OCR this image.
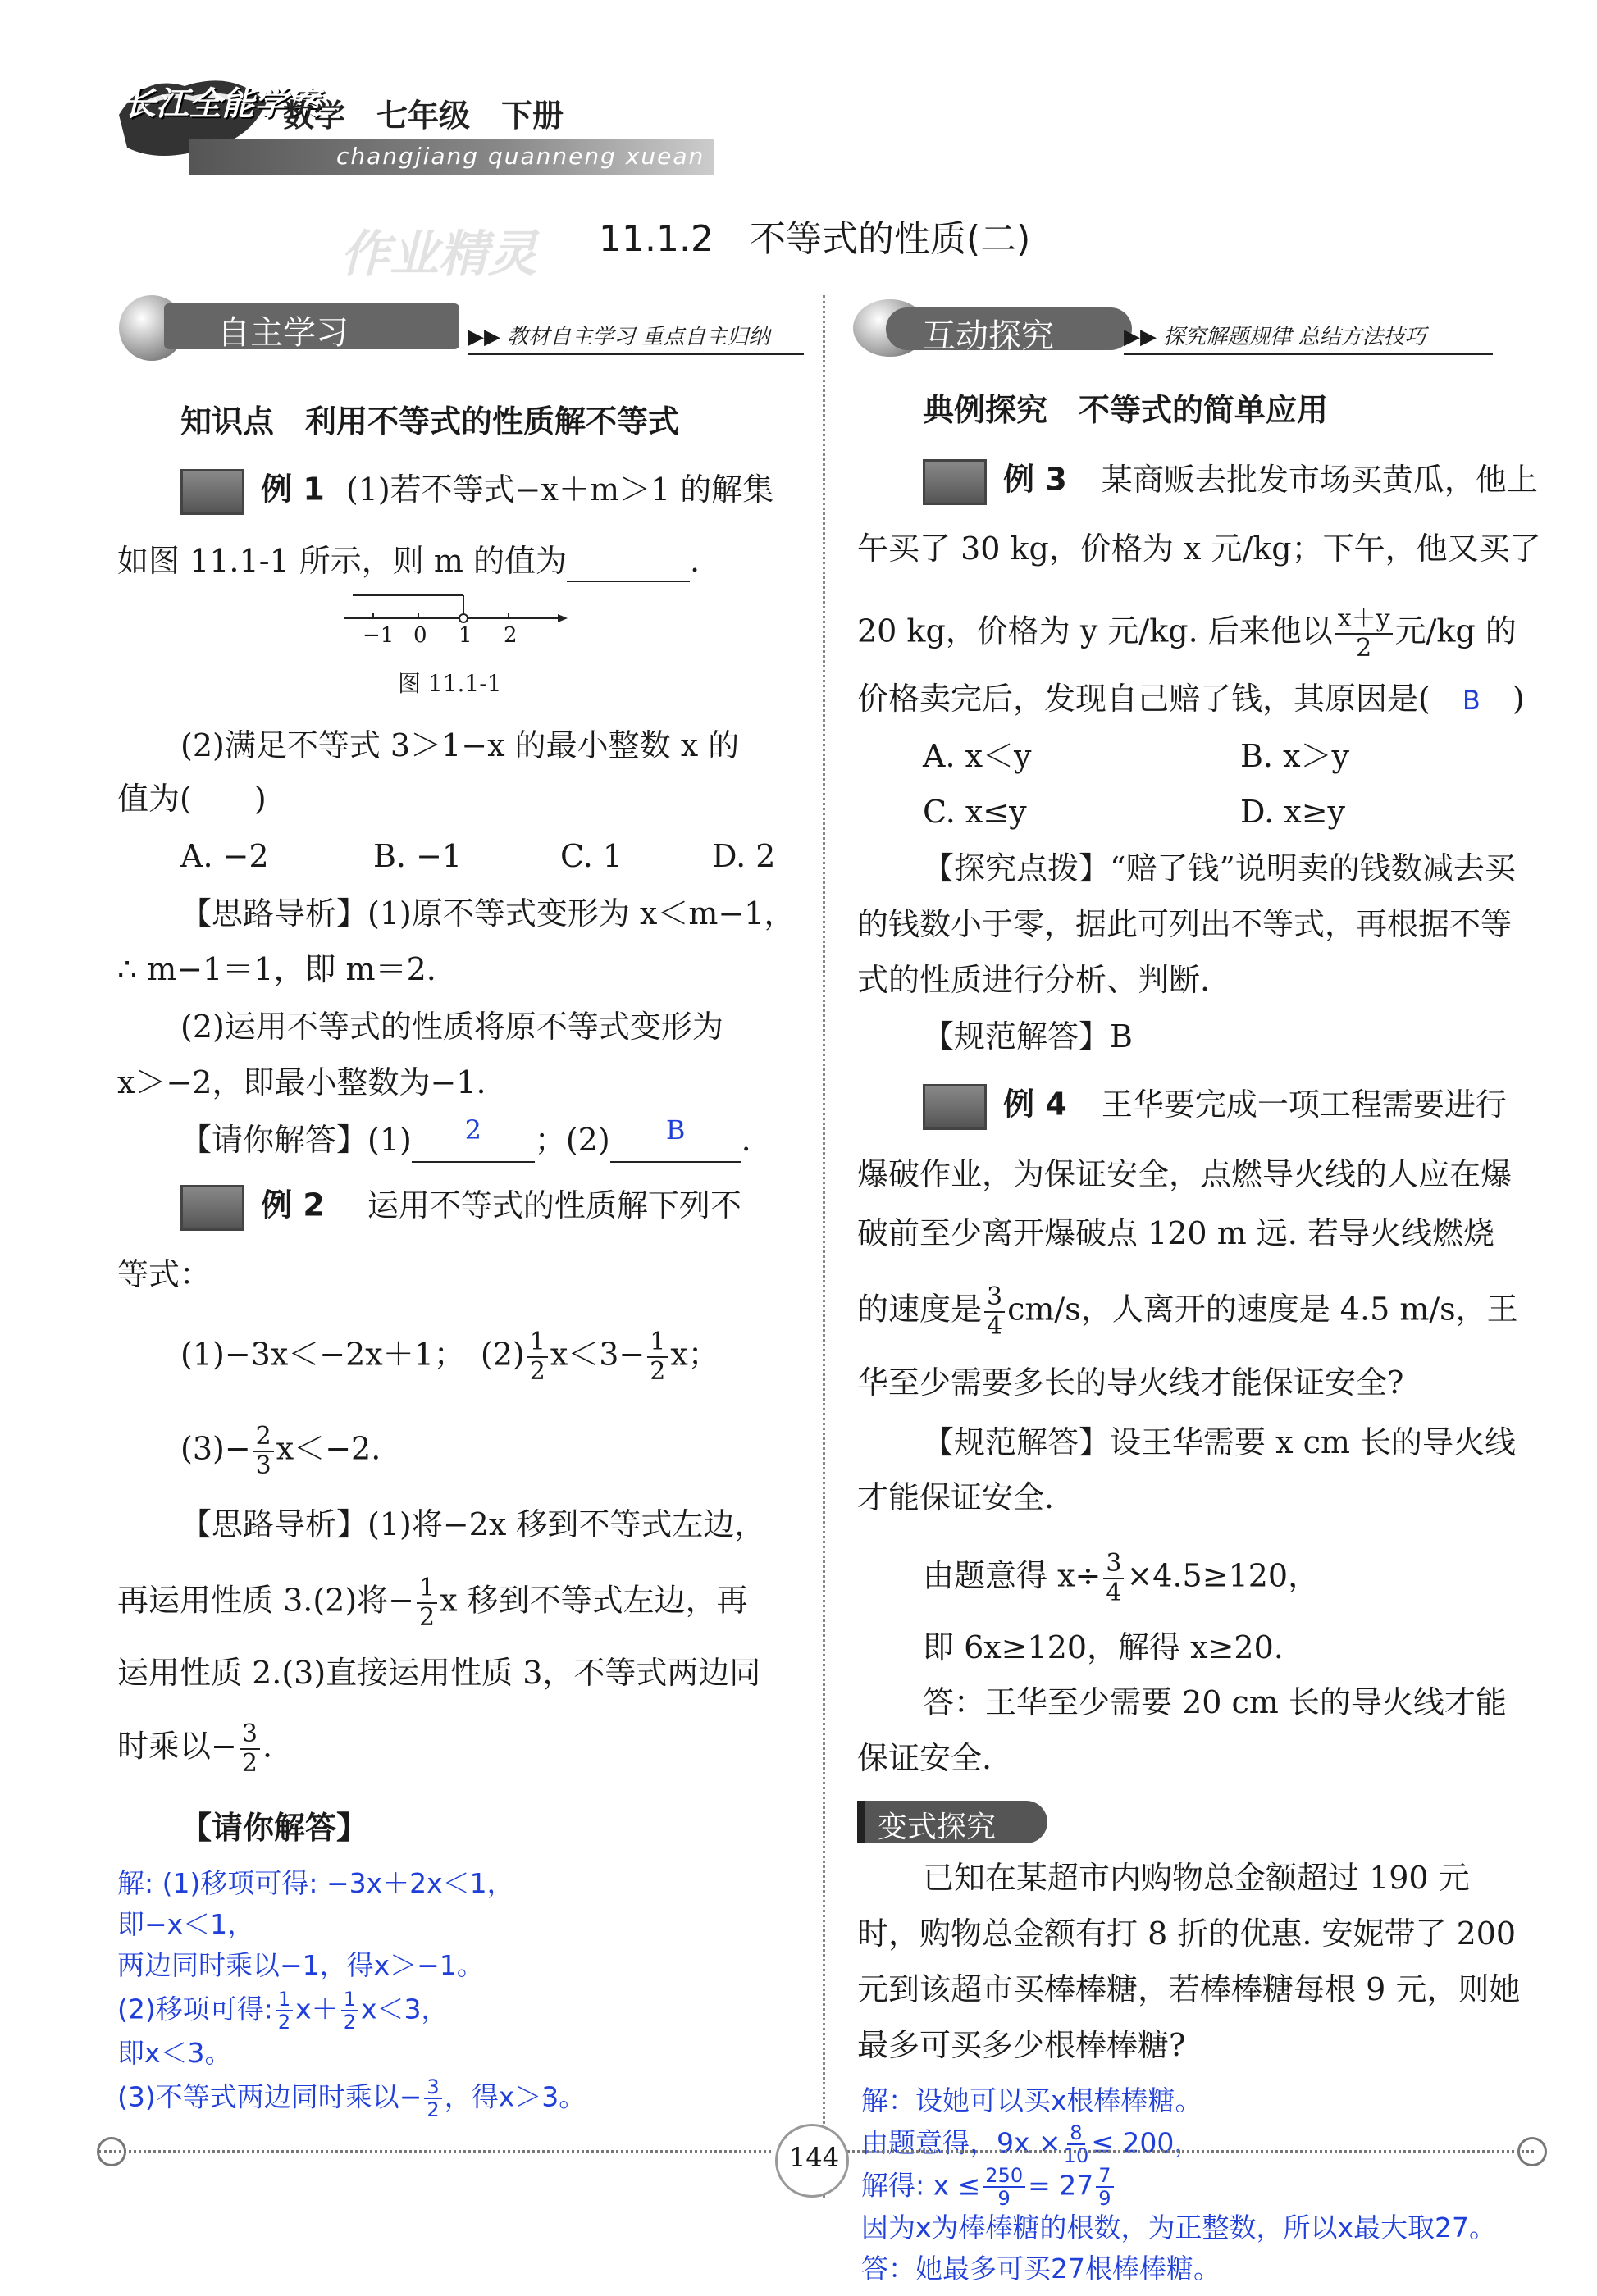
长江全能学案
数学　七年级　下册
changjiang quanneng xuean
作业精灵 11.1.2　不等式的性质(二)
自主学习	▶▶ 教材自主学习 重点自主归纳
知识点　利用不等式的性质解不等式
例 1 (1)若不等式−x＋m＞1 的解集
如图 11.1-1 所示，则 m 的值为	.
−1 0 1 2
图 11.1-1
(2)满足不等式 3＞1−x 的最小整数 x 的
值为(　　)
A. −2	B. −1	C. 1	D. 2
【思路导析】(1)原不等式变形为 x＜m−1，
∴ m−1＝1，即 m＝2.
(2)运用不等式的性质将原不等式变形为
x＞−2，即最小整数为−1.
【请你解答】(1) $^2$ ；(2) $^B$ .
例 2 运用不等式的性质解下列不
等式：
(1)−3x＜−2x＋1；　$(2) \frac{1}{2} x<3- \frac{1}{2}$ x；
$(3)- \frac{2}{3} x<-2$.
【思路导析】(1)将−2x 移到不等式左边，
再运用性质 3.(2)将− $\frac{1}{2}$ x 移到不等式左边，再
运用性质 2.(3)直接运用性质 3，不等式两边同
时乘以− $\frac{3}{2}$ .
【请你解答】
解: (1)移项可得: −3x＋2x＜1，
即−x＜1，
两边同时乘以−1，得x＞−1。
(2)移项可得: $\frac{1}{2} x+ \frac{1}{2} x<3$，
即x＜3。
(3)不等式两边同时乘以− $\frac{3}{2}$ ，得x＞3。
互动探究	▶▶ 探究解题规律 总结方法技巧
典例探究　不等式的简单应用
例 3 某商贩去批发市场买黄瓜，他上
午买了 30 kg，价格为 x 元/kg；下午，他又买了
20 kg，价格为 y 元/kg. 后来他以 $\frac{x+y}{2}$ 元/kg 的
价格卖完后，发现自己赔了钱，其原因是( B )
A. x＜y	B. x＞y
C. x≤y	D. x≥y
【探究点拨】“赔了钱”说明卖的钱数减去买
的钱数小于零，据此可列出不等式，再根据不等
式的性质进行分析、判断.
【规范解答】B
例 4 王华要完成一项工程需要进行
爆破作业，为保证安全，点燃导火线的人应在爆
破前至少离开爆破点 120 m 远. 若导火线燃烧
的速度是 $\frac{3}{4} cm/s$，人离开的速度是 4.5 m/s，王
华至少需要多长的导火线才能保证安全?
【规范解答】设王华需要 x cm 长的导火线
才能保证安全.
由题意得 $x\div \frac{3}{4} \times 4.5\ge 120$，
即 6x≥120，解得 x≥20.
答：王华至少需要 20 cm 长的导火线才能
保证安全.
变式探究
已知在某超市内购物总金额超过 190 元
时，购物总金额有打 8 折的优惠. 安妮带了 200
元到该超市买棒棒糖，若棒棒糖每根 9 元，则她
最多可买多少根棒棒糖?
解：设她可以买x根棒棒糖。
由题意得，$9x \times \frac{8}{10} \le 200$，
解得: $x \le \frac{250}{9} = 27 \frac{7}{9}$
因为x为棒棒糖的根数，为正整数，所以x最大取27。
答：她最多可买27根棒棒糖。
144
